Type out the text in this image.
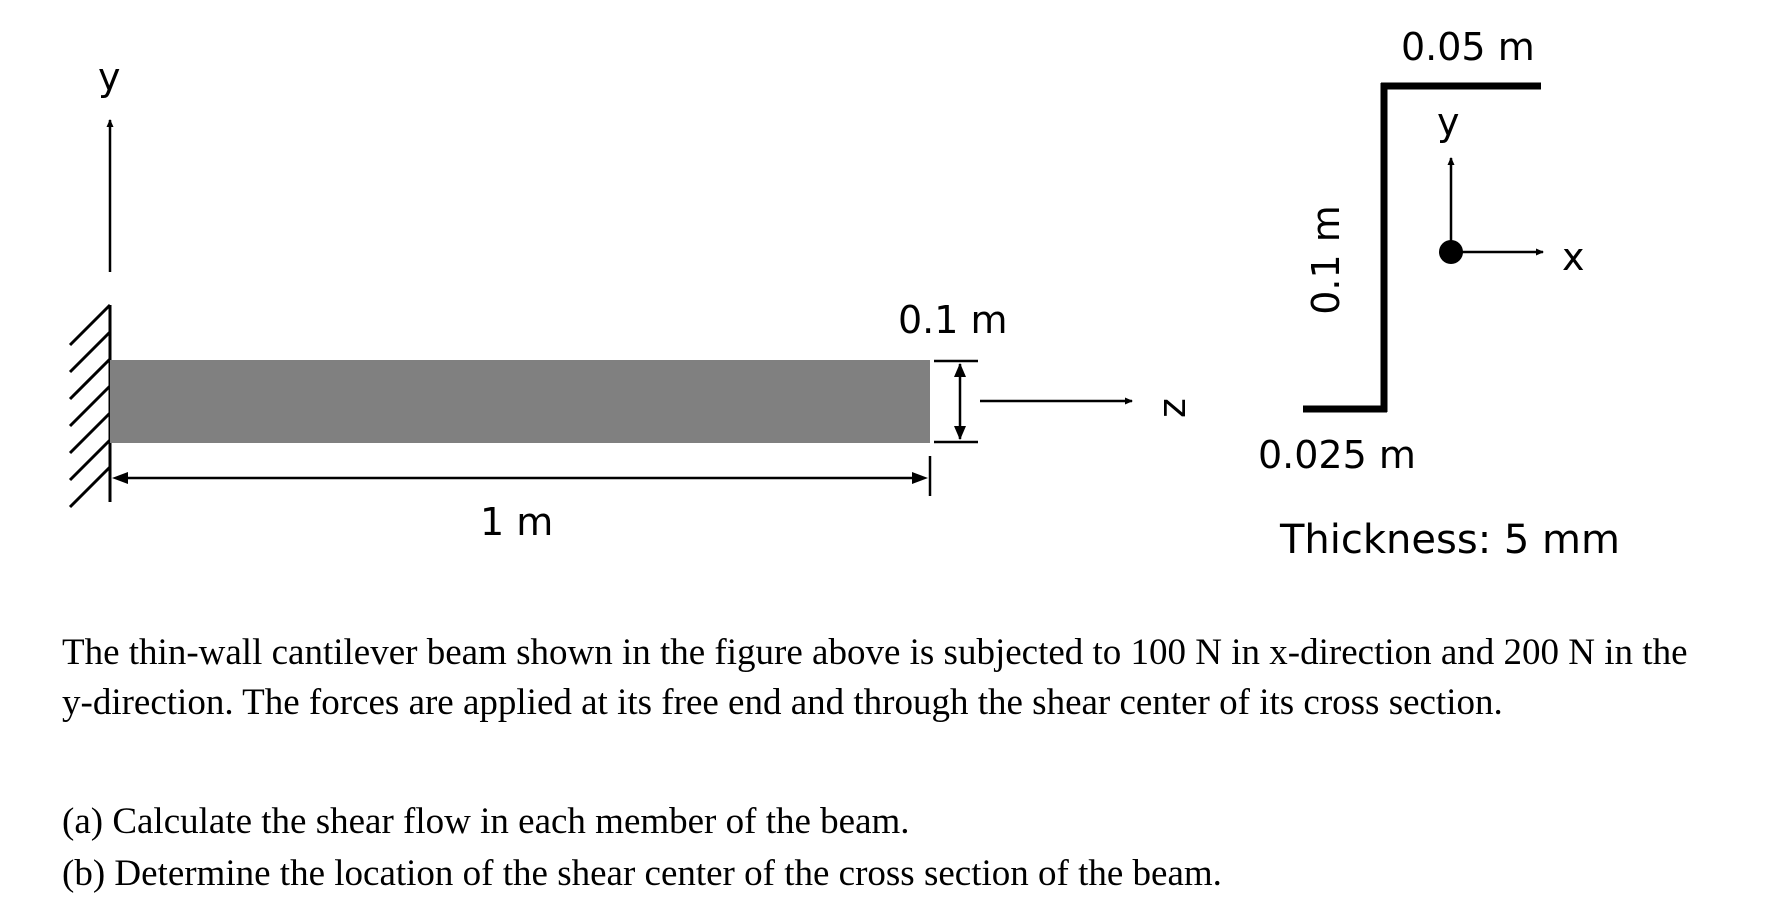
y
1 m
0.1 m
z
0.05 m
0.1 m
0.025 m
Thickness: 5 mm
y
x

The thin-wall cantilever beam shown in the figure above is subjected to 100 N in x-direction and 200 N in the y-direction. The forces are applied at its free end and through the shear center of its cross section.

(a) Calculate the shear flow in each member of the beam.
(b) Determine the location of the shear center of the cross section of the beam.
